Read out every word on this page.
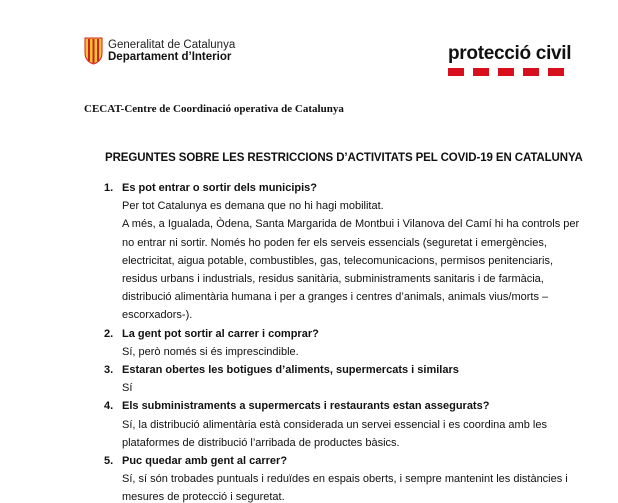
Generalitat de Catalunya
Departament d’Interior	protecció civil
CECAT-Centre de Coordinació operativa de Catalunya
PREGUNTES SOBRE LES RESTRICCIONS D’ACTIVITATS PEL COVID-19 EN CATALUNYA
1. Es pot entrar o sortir dels municipis?
Per tot Catalunya es demana que no hi hagi mobilitat.
A més, a Igualada, Òdena, Santa Margarida de Montbui i Vilanova del Camí hi ha controls per
no entrar ni sortir. Només ho poden fer els serveis essencials (seguretat i emergències,
electricitat, aigua potable, combustibles, gas, telecomunicacions, permisos penitenciaris,
residus urbans i industrials, residus sanitària, subministraments sanitaris i de farmàcia,
distribució alimentària humana i per a granges i centres d’animals, animals vius/morts –
escorxadors-).
2. La gent pot sortir al carrer i comprar?
Sí, però només si és imprescindible.
3. Estaran obertes les botigues d’aliments, supermercats i similars
Sí
4. Els subministraments a supermercats i restaurants estan assegurats?
Sí, la distribució alimentària està considerada un servei essencial i es coordina amb les
plataformes de distribució l’arribada de productes bàsics.
5. Puc quedar amb gent al carrer?
Sí, sí són trobades puntuals i reduïdes en espais oberts, i sempre mantenint les distàncies i
mesures de protecció i seguretat.
